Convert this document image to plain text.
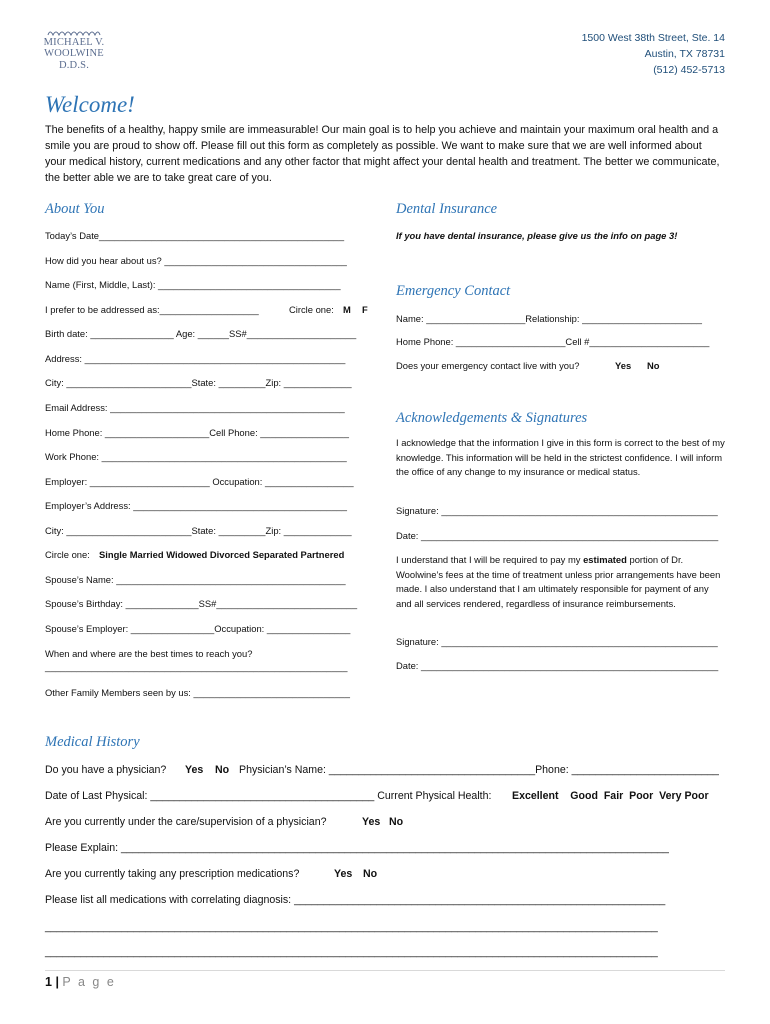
MICHAEL V.
WOOLWINE
D.D.S.
1500 West 38th Street, Ste. 14
Austin, TX 78731
(512) 452-5713
Welcome!
The benefits of a healthy, happy smile are immeasurable! Our main goal is to help you achieve and maintain your maximum oral health and a smile you are proud to show off. Please fill out this form as completely as possible. We want to make sure that we are well informed about your medical history, current medications and any other factor that might affect your dental health and treatment. The better we communicate, the better able we are to take great care of you.
About You
Today’s Date_______________________________________________
How did you hear about us? ___________________________________
Name (First, Middle, Last): ___________________________________
I prefer to be addressed as:___________________	Circle one: M F
Birth date: ________________ Age: ______SS#_____________________
Address: __________________________________________________
City: ________________________State: _________Zip: _____________
Email Address: _____________________________________________
Home Phone: ____________________Cell Phone: _________________
Work Phone: _______________________________________________
Employer: _______________________ Occupation: _________________
Employer’s Address: _________________________________________
City: ________________________State: _________Zip: _____________
Circle one: Single Married Widowed Divorced Separated Partnered
Spouse’s Name: ____________________________________________
Spouse’s Birthday: ______________SS#___________________________
Spouse’s Employer: ________________Occupation: ________________
When and where are the best times to reach you?
__________________________________________________________
Other Family Members seen by us: ______________________________
Dental Insurance
If you have dental insurance, please give us the info on page 3!
Emergency Contact
Name: ___________________Relationship: _______________________
Home Phone: _____________________Cell #_______________________
Does your emergency contact live with you?	Yes No
Acknowledgements & Signatures
I acknowledge that the information I give in this form is correct to the best of my knowledge. This information will be held in the strictest confidence. I will inform the office of any change to my insurance or medical status.
Signature: _____________________________________________________
Date: _________________________________________________________
I understand that I will be required to pay my estimated portion of Dr. Woolwine’s fees at the time of treatment unless prior arrangements have been made. I also understand that I am ultimately responsible for payment of any and all services rendered, regardless of insurance reimbursements.
Signature: _____________________________________________________
Date: _________________________________________________________
Medical History
Do you have a physician? Yes No Physician’s Name: ___________________________________Phone: _________________________
Date of Last Physical: ______________________________________ Current Physical Health: Excellent    Good  Fair  Poor  Very Poor
Are you currently under the care/supervision of a physician?	Yes No
Please Explain: _____________________________________________________________________________________________
Are you currently taking any prescription medications?	Yes No
Please list all medications with correlating diagnosis: _______________________________________________________________
________________________________________________________________________________________________________
________________________________________________________________________________________________________
1 | P a g e
